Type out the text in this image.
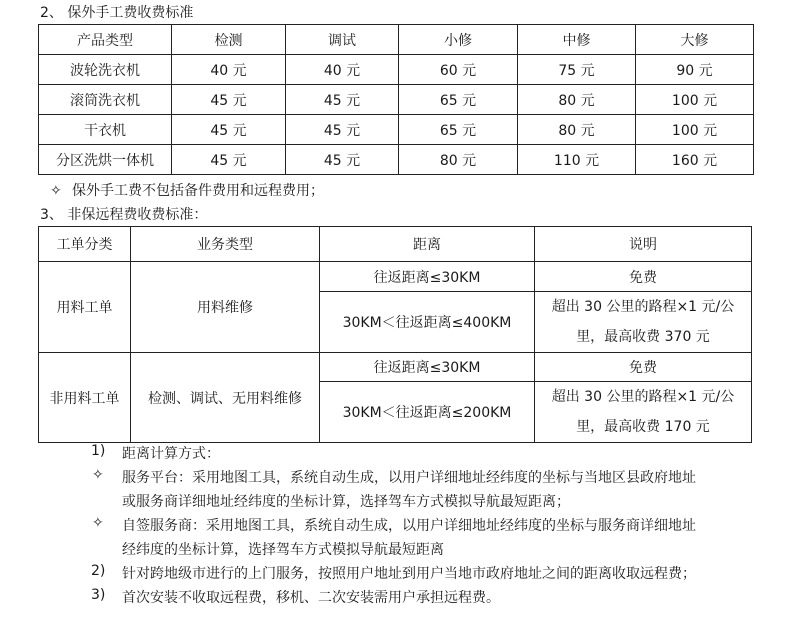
2、 保外手工费收费标准
产品类型	检测	调试	小修	中修	大修
波轮洗衣机	40 元	40 元	60 元	75 元	90 元
滚筒洗衣机	45 元	45 元	65 元	80 元	100 元
干衣机	45 元	45 元	65 元	80 元	100 元
分区洗烘一体机	45 元	45 元	80 元	110 元	160 元
✧ 保外手工费不包括备件费用和远程费用；
3、 非保远程费收费标准：
工单分类	业务类型	距离	说明
用料工单	用料维修	往返距离≤30KM	免费
		30KM＜往返距离≤400KM	超出 30 公里的路程×1 元/公
里，最高收费 370 元

非用料工单	检测、调试、无用料维修	往返距离≤30KM	免费
		30KM＜往返距离≤200KM	超出 30 公里的路程×1 元/公
里，最高收费 170 元
1) 距离计算方式：
✧ 服务平台：采用地图工具，系统自动生成，以用户详细地址经纬度的坐标与当地区县政府地址
或服务商详细地址经纬度的坐标计算，选择驾车方式模拟导航最短距离；
✧ 自签服务商：采用地图工具，系统自动生成，以用户详细地址经纬度的坐标与服务商详细地址
经纬度的坐标计算，选择驾车方式模拟导航最短距离
2) 针对跨地级市进行的上门服务，按照用户地址到用户当地市政府地址之间的距离收取远程费；
3) 首次安装不收取远程费，移机、二次安装需用户承担远程费。
